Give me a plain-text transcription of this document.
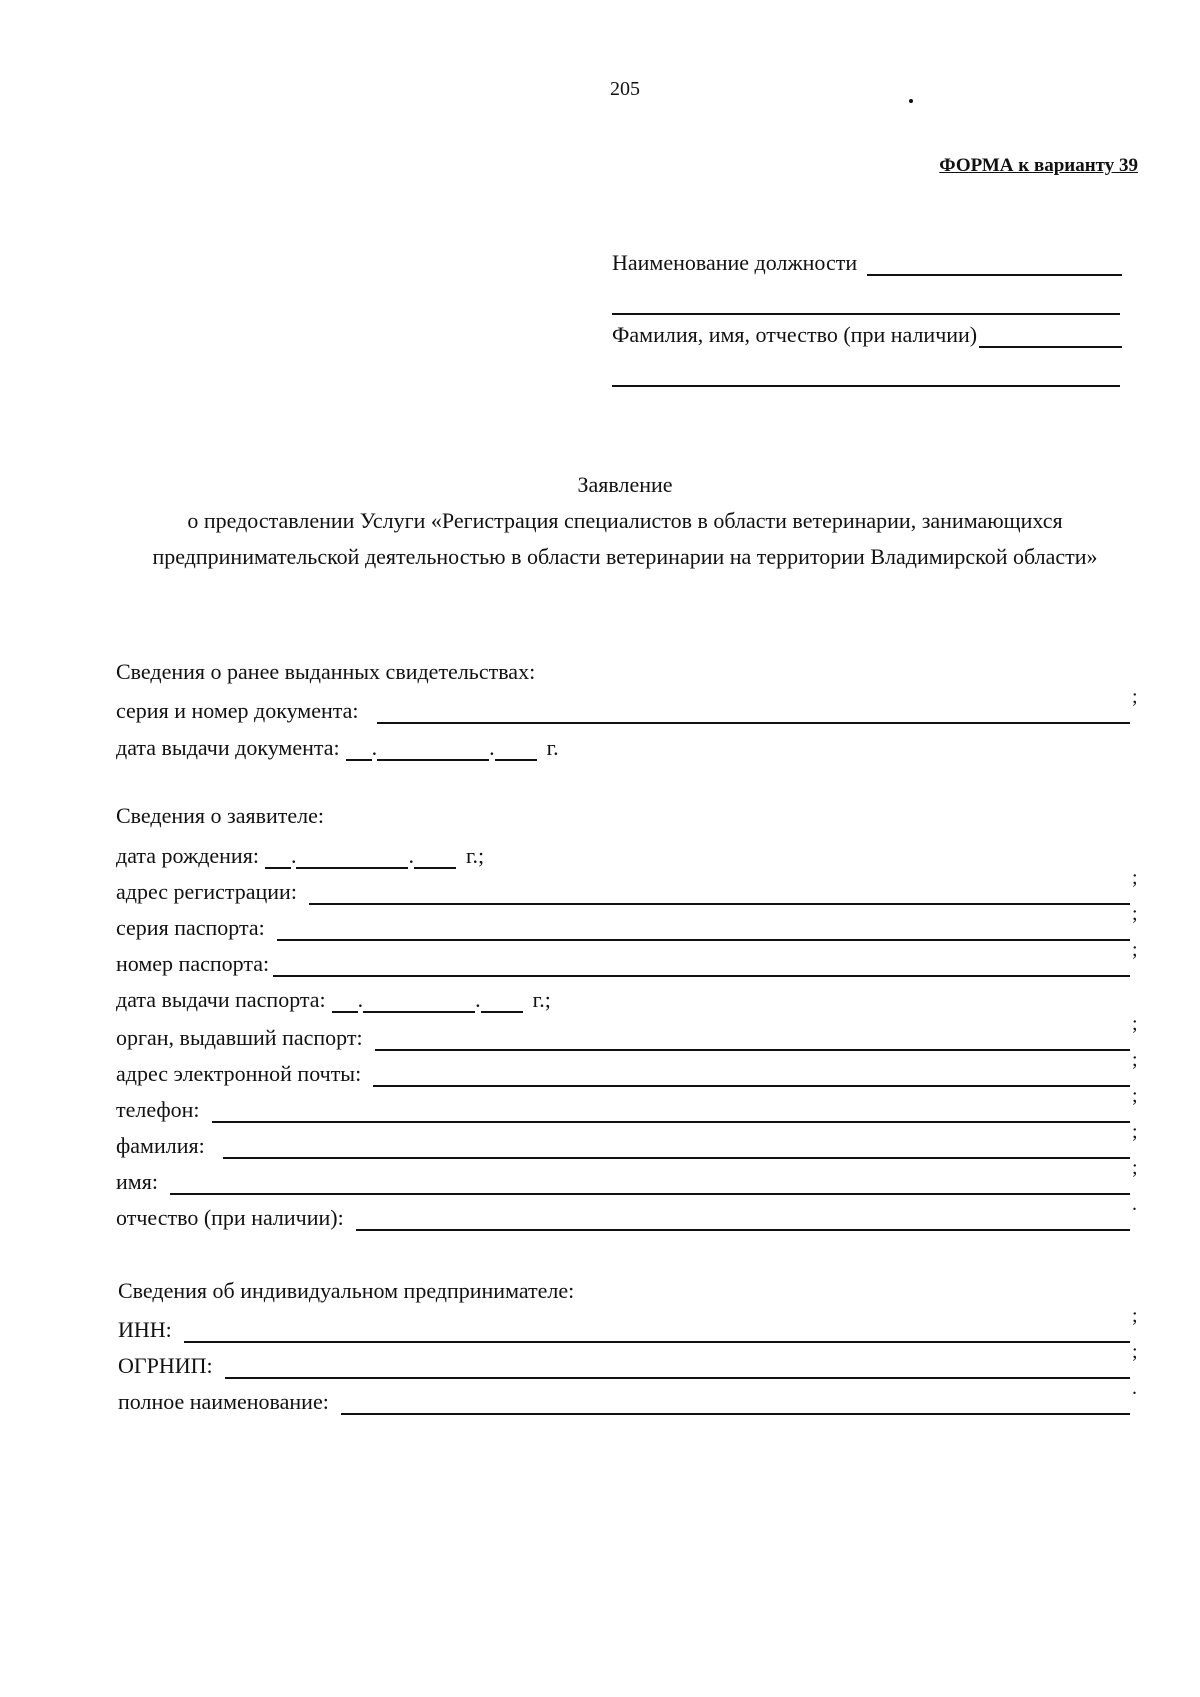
205
ФОРМА к варианту 39
Наименование должности
Фамилия, имя, отчество (при наличии)
Заявление
о предоставлении Услуги «Регистрация специалистов в области ветеринарии, занимающихся предпринимательской деятельностью в области ветеринарии на территории Владимирской области»
Сведения о ранее выданных свидетельствах:
серия и номер документа:
;
дата выдачи документа: .	. г.
Сведения о заявителе:
дата рождения: .	. г.;
адрес регистрации:
;
серия паспорта:
;
номер паспорта:
;
дата выдачи паспорта: .	. г.;
орган, выдавший паспорт:
;
адрес электронной почты:
;
телефон:
;
фамилия:
;
имя:
;
отчество (при наличии):
.
Сведения об индивидуальном предпринимателе:
ИНН:
;
ОГРНИП:
;
полное наименование:
.
